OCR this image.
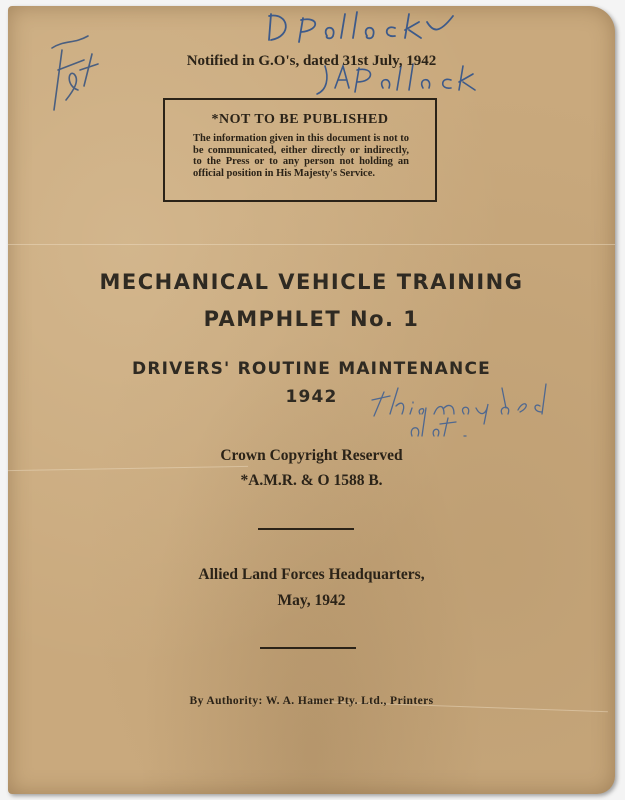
Notified in G.O's, dated 31st July, 1942
*NOT TO BE PUBLISHED
The information given in this document is not to be communicated, either directly or indirectly, to the Press or to any person not holding an official position in His Majesty's Service.
MECHANICAL VEHICLE TRAINING
PAMPHLET No. 1
DRIVERS' ROUTINE MAINTENANCE
1942
Crown Copyright Reserved
*A.M.R. & O 1588 B.
Allied Land Forces Headquarters,
May, 1942
By Authority: W. A. Hamer Pty. Ltd., Printers
